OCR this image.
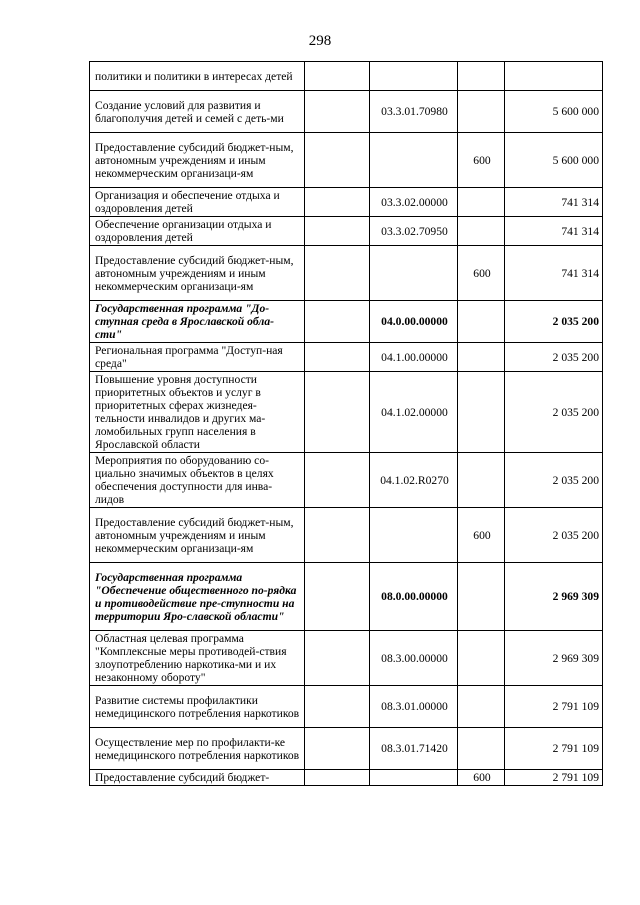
298
политики и политики в интересах детей				
Создание условий для развития и благополучия детей и семей с деть-ми		03.3.01.70980		5 600 000
Предоставление субсидий бюджет-ным, автономным учреждениям и иным некоммерческим организаци-ям			600	5 600 000
Организация и обеспечение отдыха и оздоровления детей		03.3.02.00000		741 314
Обеспечение организации отдыха и оздоровления детей		03.3.02.70950		741 314
Предоставление субсидий бюджет-ным, автономным учреждениям и иным некоммерческим организаци-ям			600	741 314
Государственная программа "До-ступная среда в Ярославской обла-сти"		04.0.00.00000		2 035 200
Региональная программа "Доступ-ная среда"		04.1.00.00000		2 035 200
Повышение уровня доступности приоритетных объектов и услуг в приоритетных сферах жизнедея-тельности инвалидов и других ма-ломобильных групп населения в Ярославской области		04.1.02.00000		2 035 200
Мероприятия по оборудованию со-циально значимых объектов в целях обеспечения доступности для инва-лидов		04.1.02.R0270		2 035 200
Предоставление субсидий бюджет-ным, автономным учреждениям и иным некоммерческим организаци-ям			600	2 035 200
Государственная программа "Обеспечение общественного по-рядка и противодействие пре-ступности на территории Яро-славской области"		08.0.00.00000		2 969 309
Областная целевая программа "Комплексные меры противодей-ствия злоупотреблению наркотика-ми и их незаконному обороту"		08.3.00.00000		2 969 309
Развитие системы профилактики немедицинского потребления наркотиков		08.3.01.00000		2 791 109
Осуществление мер по профилакти-ке немедицинского потребления наркотиков		08.3.01.71420		2 791 109
Предоставление субсидий бюджет-			600	2 791 109
